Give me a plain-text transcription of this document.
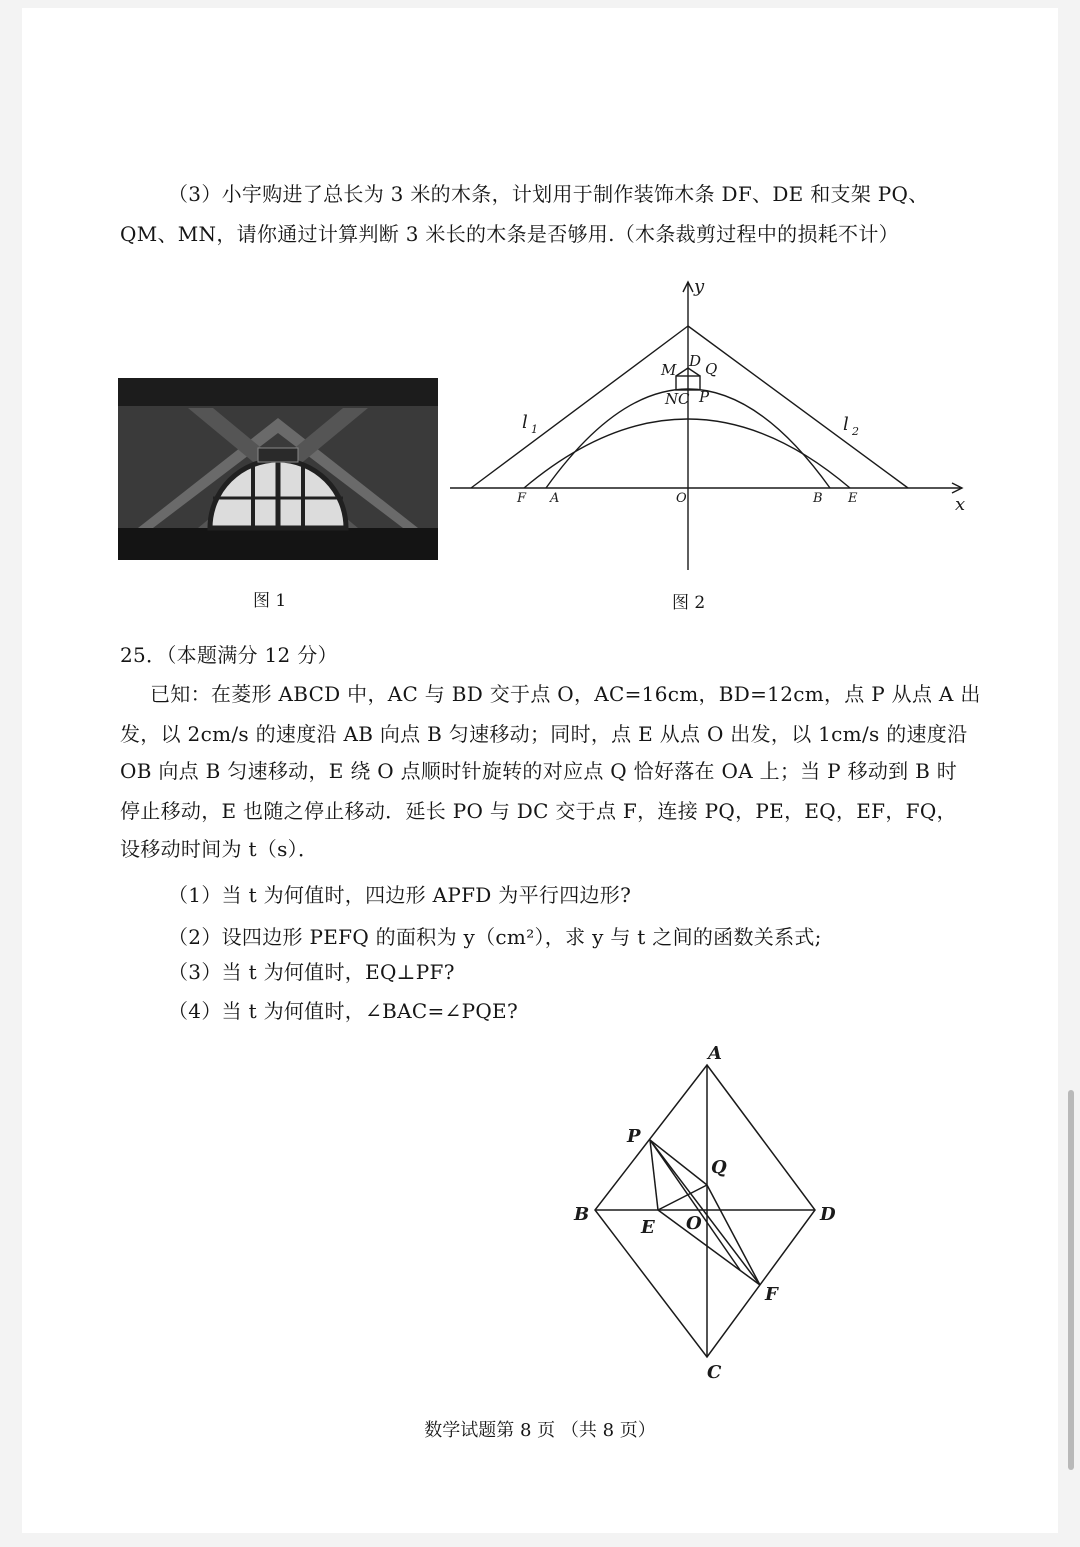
（3）小宇购进了总长为 3 米的木条，计划用于制作装饰木条 DF、DE 和支架 PQ、
QM、MN，请你通过计算判断 3 米长的木条是否够用.（木条裁剪过程中的损耗不计）
图 1
y
x
M D Q
N C P
l 1	l 2
F A	O	B E
图 2
25．（本题满分 12 分）
已知：在菱形 ABCD 中，AC 与 BD 交于点 O，AC=16cm，BD=12cm，点 P 从点 A 出
发，以 2cm/s 的速度沿 AB 向点 B 匀速移动；同时，点 E 从点 O 出发，以 1cm/s 的速度沿
OB 向点 B 匀速移动，E 绕 O 点顺时针旋转的对应点 Q 恰好落在 OA 上；当 P 移动到 B 时
停止移动，E 也随之停止移动．延长 PO 与 DC 交于点 F，连接 PQ，PE，EQ，EF，FQ，
设移动时间为 t（s）．
（1）当 t 为何值时，四边形 APFD 为平行四边形?
（2）设四边形 PEFQ 的面积为 y（cm²），求 y 与 t 之间的函数关系式;
（3）当 t 为何值时，EQ⊥PF?
（4）当 t 为何值时，∠BAC=∠PQE?
A
B
C
D
O
P
Q
E
F
数学试题第 8 页 （共 8 页）
